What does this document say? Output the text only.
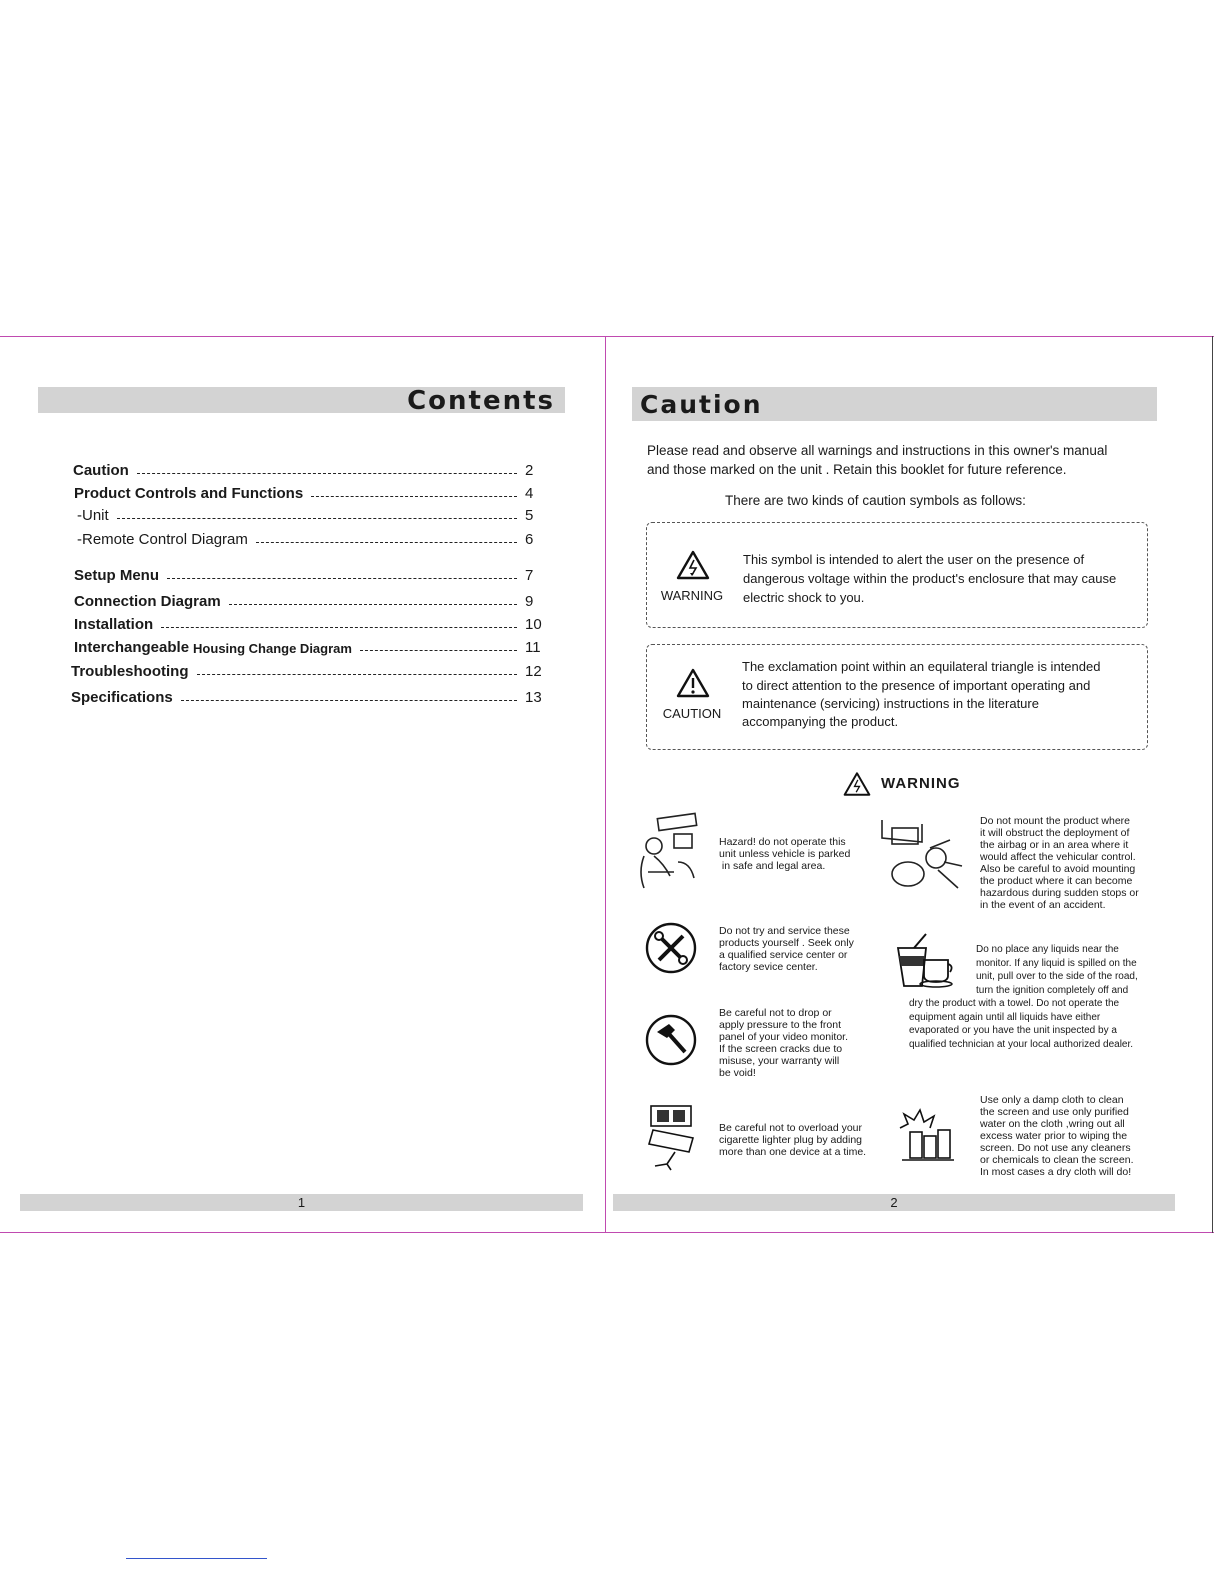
Contents
Caution	2
Product Controls and Functions	4
-Unit	5
-Remote Control Diagram	6
Setup Menu	7
Connection Diagram	9
Installation	10
Interchangeable Housing Change Diagram	11
Troubleshooting	12
Specifications	13
1
Caution
Please read and observe all warnings and instructions in this owner's manual
and those marked on the unit . Retain this booklet for future reference.
There are two kinds of caution symbols as follows:
WARNING
This symbol is intended to alert the user on the presence of
dangerous voltage within the product's enclosure that may cause
electric shock to you.
CAUTION
The exclamation point within an equilateral triangle is intended
to direct attention to the presence of important operating and
maintenance (servicing) instructions in the literature
accompanying the product.
WARNING
Hazard! do not operate this
unit unless vehicle is parked
in safe and legal area.
Do not try and service these
products yourself . Seek only
a qualified service center or
factory sevice center.
Be careful not to drop or
apply pressure to the front
panel of your video monitor.
If the screen cracks due to
misuse, your warranty will
be void!
Be careful not to overload your
cigarette lighter plug by adding
more than one device at a time.
Do not mount the product where
it will obstruct the deployment of
the airbag or in an area where it
would affect the vehicular control.
Also be careful to avoid mounting
the product where it can become
hazardous during sudden stops or
in the event of an accident.
Do no place any liquids near the
monitor. If any liquid is spilled on the
unit, pull over to the side of the road,
turn the ignition completely off and
dry the product with a towel. Do not operate the
equipment again until all liquids have either
evaporated or you have the unit inspected by a
qualified technician at your local authorized dealer.
Use only a damp cloth to clean
the screen and use only purified
water on the cloth ,wring out all
excess water prior to wiping the
screen. Do not use any cleaners
or chemicals to clean the screen.
In most cases a dry cloth will do!
2
